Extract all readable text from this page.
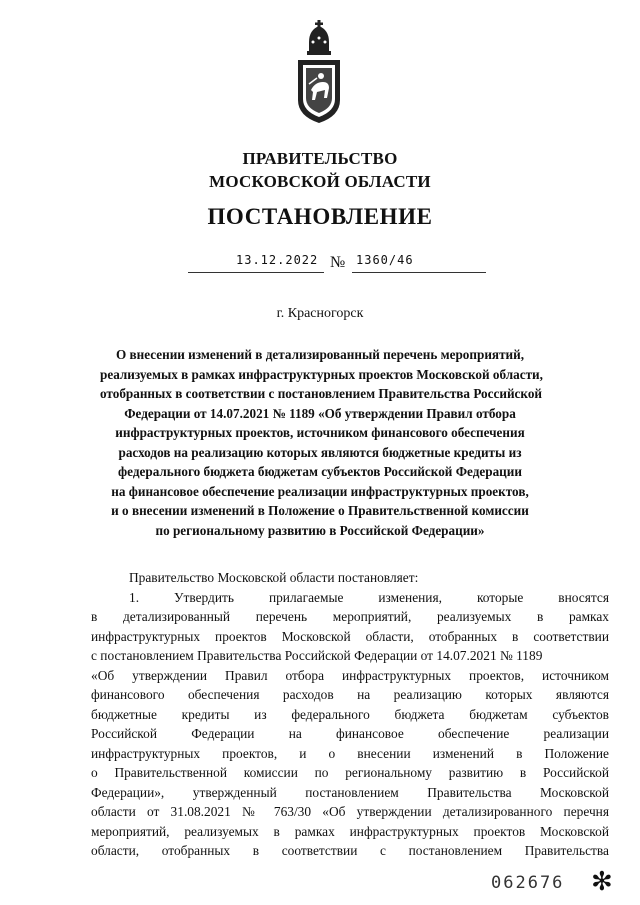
ПРАВИТЕЛЬСТВО
МОСКОВСКОЙ ОБЛАСТИ
ПОСТАНОВЛЕНИЕ
13.12.2022 № 1360/46
г. Красногорск
О внесении изменений в детализированный перечень мероприятий,
реализуемых в рамках инфраструктурных проектов Московской области,
отобранных в соответствии с постановлением Правительства Российской
Федерации от 14.07.2021 № 1189 «Об утверждении Правил отбора
инфраструктурных проектов, источником финансового обеспечения
расходов на реализацию которых являются бюджетные кредиты из
федерального бюджета бюджетам субъектов Российской Федерации
на финансовое обеспечение реализации инфраструктурных проектов,
и о внесении изменений в Положение о Правительственной комиссии
по региональному развитию в Российской Федерации»
Правительство Московской области постановляет:
1. Утвердить прилагаемые изменения, которые вносятся
в детализированный перечень мероприятий, реализуемых в рамках
инфраструктурных проектов Московской области, отобранных в соответствии
с постановлением Правительства Российской Федерации от 14.07.2021 № 1189
«Об утверждении Правил отбора инфраструктурных проектов, источником
финансового обеспечения расходов на реализацию которых являются
бюджетные кредиты из федерального бюджета бюджетам субъектов
Российской Федерации на финансовое обеспечение реализации
инфраструктурных проектов, и о внесении изменений в Положение
о Правительственной комиссии по региональному развитию в Российской
Федерации», утвержденный постановлением Правительства Московской
области от 31.08.2021 № 763/30 «Об утверждении детализированного перечня
мероприятий, реализуемых в рамках инфраструктурных проектов Московской
области, отобранных в соответствии с постановлением Правительства
062676 ✻
